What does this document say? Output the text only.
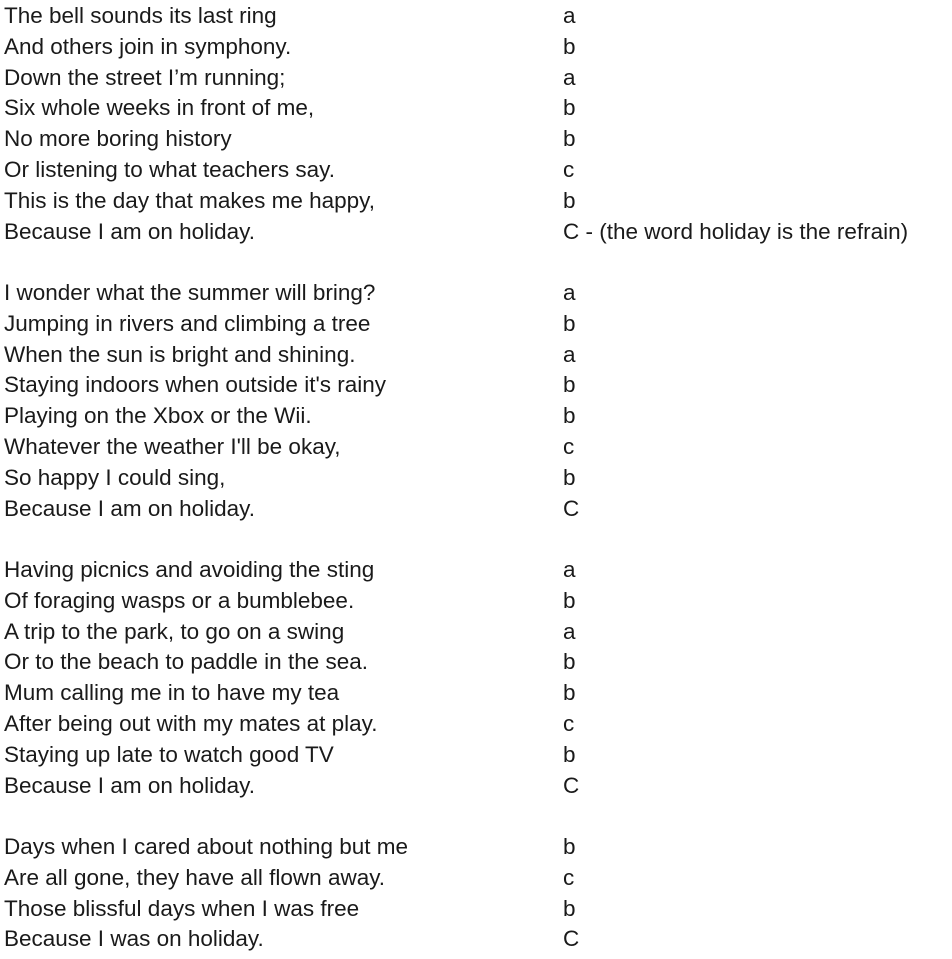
The bell sounds its last ring	a
And others join in symphony.	b
Down the street I’m running;	a
Six whole weeks in front of me,	b
No more boring history	b
Or listening to what teachers say.	c
This is the day that makes me happy,	b
Because I am on holiday.	C - (the word holiday is the refrain)
I wonder what the summer will bring?	a
Jumping in rivers and climbing a tree	b
When the sun is bright and shining.	a
Staying indoors when outside it's rainy	b
Playing on the Xbox or the Wii.	b
Whatever the weather I'll be okay,	c
So happy I could sing,	b
Because I am on holiday.	C
Having picnics and avoiding the sting	a
Of foraging wasps or a bumblebee.	b
A trip to the park, to go on a swing	a
Or to the beach to paddle in the sea.	b
Mum calling me in to have my tea	b
After being out with my mates at play.	c
Staying up late to watch good TV	b
Because I am on holiday.	C
Days when I cared about nothing but me	b
Are all gone, they have all flown away.	c
Those blissful days when I was free	b
Because I was on holiday.	C
